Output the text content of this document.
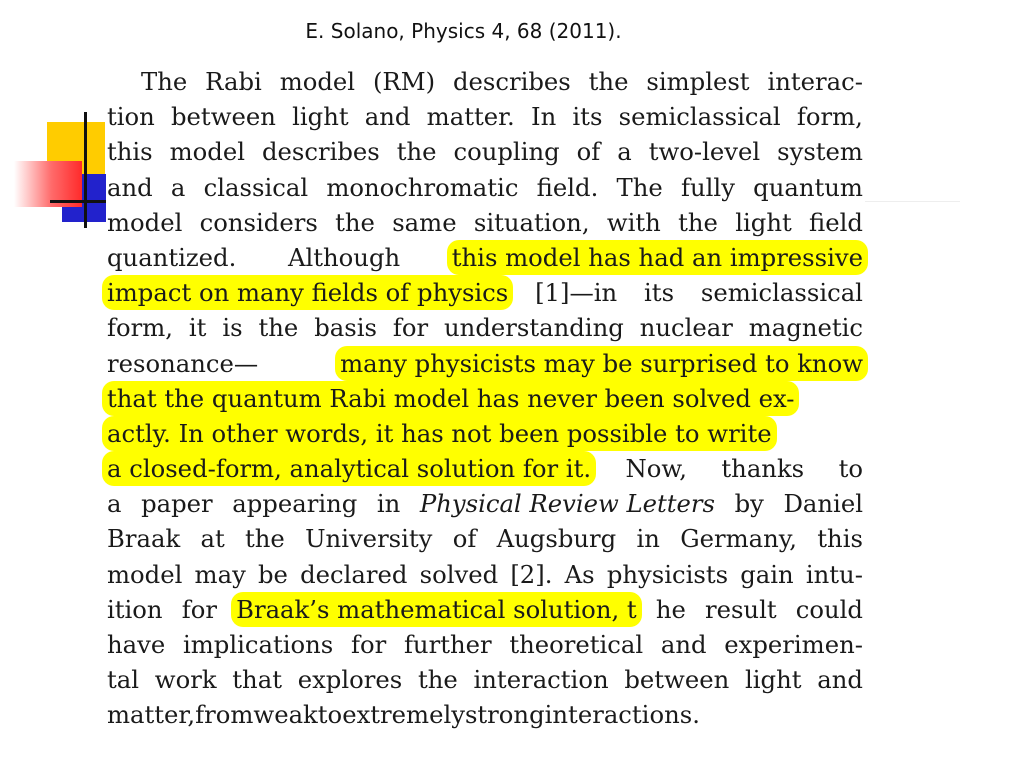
E. Solano, Physics 4, 68 (2011).
The Rabi model (RM) describes the simplest interac-
tion between light and matter. In its semiclassical form,
this model describes the coupling of a two-level system
and a classical monochromatic field. The fully quantum
model considers the same situation, with the light field
quantized. Although this model has had an impressive
impact on many fields of physics [1]—in its semiclassical
form, it is the basis for understanding nuclear magnetic
resonance—	many physicists may be surprised to know
that the quantum Rabi model has never been solved ex-
actly. In other words, it has not been possible to write
a closed-form, analytical solution for it. Now, thanks to
a paper appearing in Physical Review Letters by Daniel
Braak at the University of Augsburg in Germany, this
model may be declared solved [2]. As physicists gain intu-
ition for Braak’s mathematical solution, t he result could
have implications for further theoretical and experimen-
tal work that explores the interaction between light and
matter, from weak to extremely strong interactions.
